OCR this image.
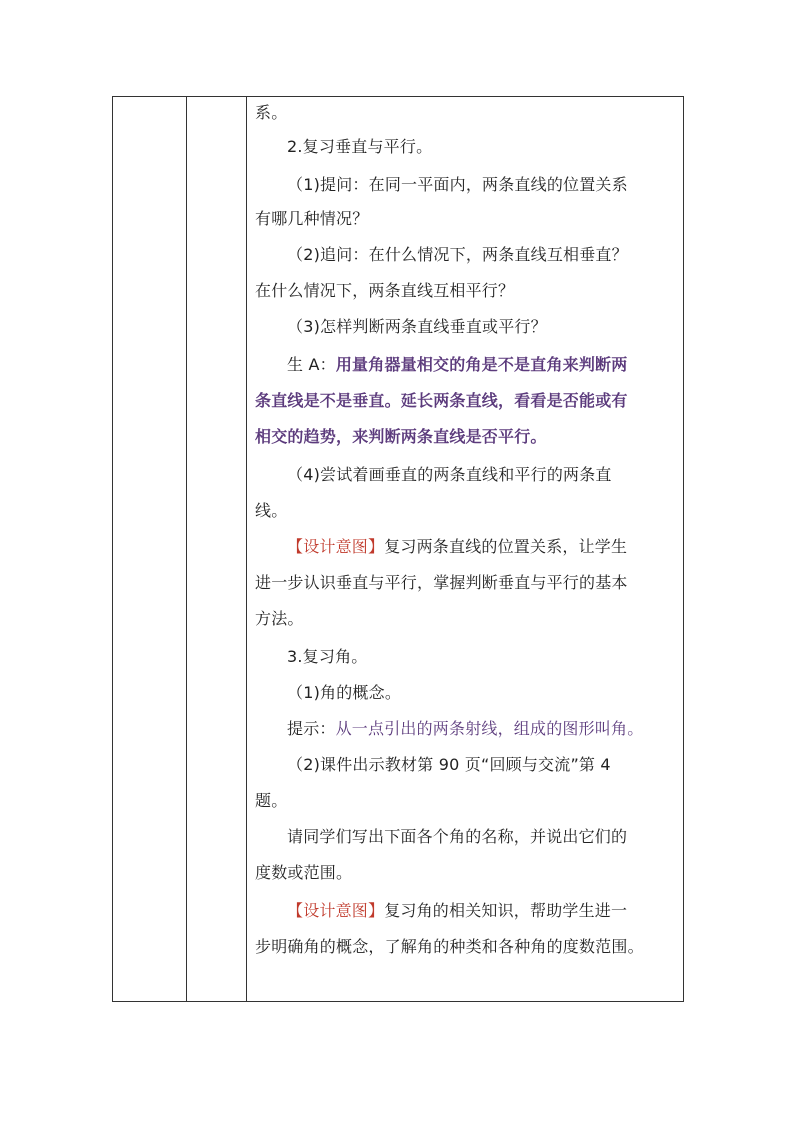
系。
2.复习垂直与平行。
（1)提问：在同一平面内，两条直线的位置关系
有哪几种情况？
（2)追问：在什么情况下，两条直线互相垂直？
在什么情况下，两条直线互相平行？
（3)怎样判断两条直线垂直或平行？
生 A：用量角器量相交的角是不是直角来判断两
条直线是不是垂直。延长两条直线，看看是否能或有
相交的趋势，来判断两条直线是否平行。
（4)尝试着画垂直的两条直线和平行的两条直
线。
【设计意图】复习两条直线的位置关系，让学生
进一步认识垂直与平行，掌握判断垂直与平行的基本
方法。
3.复习角。
（1)角的概念。
提示：从一点引出的两条射线，组成的图形叫角。
（2)课件出示教材第 90 页“回顾与交流”第 4
题。
请同学们写出下面各个角的名称，并说出它们的
度数或范围。
【设计意图】复习角的相关知识，帮助学生进一
步明确角的概念，了解角的种类和各种角的度数范围。
